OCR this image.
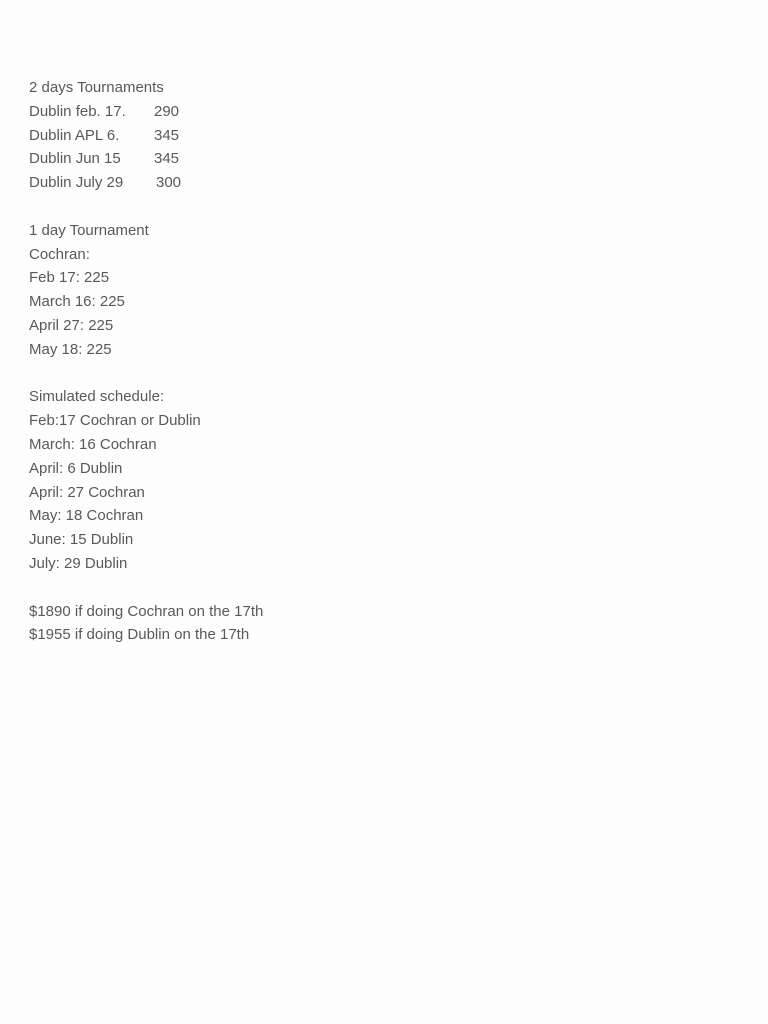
2 days Tournaments
Dublin feb. 17. 290
Dublin APL 6. 345
Dublin Jun 15 345
Dublin July 29 300
1 day Tournament
Cochran:
Feb 17: 225
March 16: 225
April 27: 225
May 18: 225
Simulated schedule:
Feb:17 Cochran or Dublin
March: 16 Cochran
April: 6 Dublin
April: 27 Cochran
May: 18 Cochran
June: 15 Dublin
July: 29 Dublin
$1890 if doing Cochran on the 17th
$1955 if doing Dublin on the 17th
